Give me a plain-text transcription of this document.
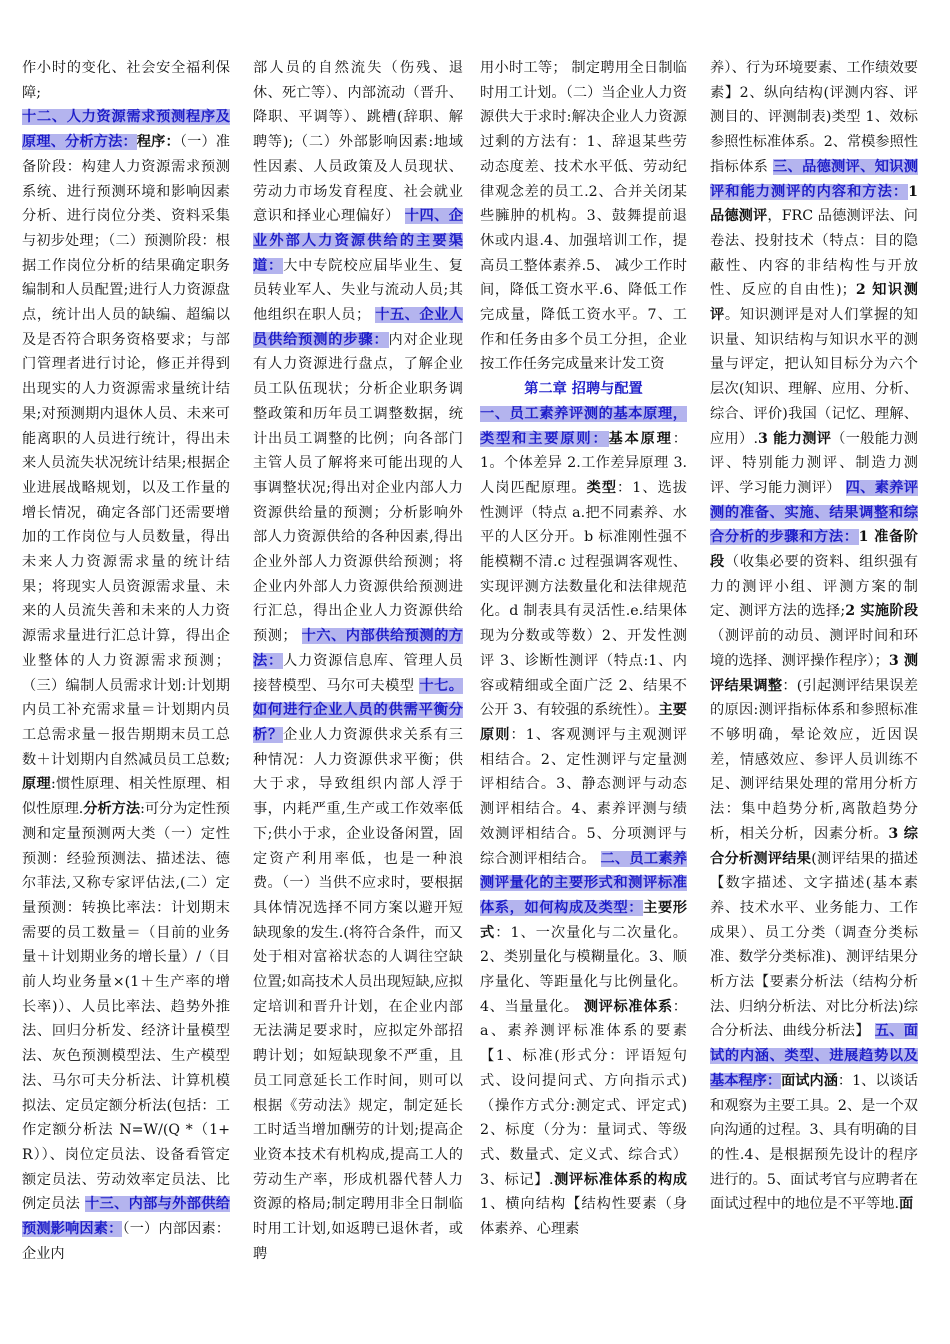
作小时的变化、社会安全福利保障;
十二、人力资源需求预测程序及原理、分析方法：程序：（一）准备阶段：构建人力资源需求预测系统、进行预测环境和影响因素分析、进行岗位分类、资料采集与初步处理；（二）预测阶段：根据工作岗位分析的结果确定职务编制和人员配置;进行人力资源盘点，统计出人员的缺编、超编以及是否符合职务资格要求；与部门管理者进行讨论，修正并得到出现实的人力资源需求量统计结果;对预测期内退休人员、未来可能离职的人员进行统计，得出未来人员流失状况统计结果;根据企业进展战略规划，以及工作量的增长情况，确定各部门还需要增加的工作岗位与人员数量，得出未来人力资源需求量的统计结果；将现实人员资源需求量、未来的人员流失善和未来的人力资源需求量进行汇总计算，得出企业整体的人力资源需求预测；（三）编制人员需求计划:计划期内员工补充需求量＝计划期内员工总需求量－报告期期末员工总数＋计划期内自然减员员工总数;原理:惯性原理、相关性原理、相似性原理.分析方法:可分为定性预测和定量预测两大类（一）定性预测：经验预测法、描述法、德尔菲法,又称专家评估法,(二）定量预测：转换比率法：计划期末需要的员工数量＝（目前的业务量＋计划期业务的增长量）/（目前人均业务量×(1＋生产率的增长率)）、人员比率法、趋势外推法、回归分析发、经济计量模型法、灰色预测模型法、生产模型法、马尔可夫分析法、计算机模拟法、定员定额分析法(包括：工作定额分析法 N=W/(Q *（1+R））、岗位定员法、设备看管定额定员法、劳动效率定员法、比例定员法 十三、内部与外部供给预测影响因素：（一）内部因素：企业内

部人员的自然流失（伤残、退休、死亡等）、内部流动（晋升、降职、平调等）、跳槽(辞职、解聘等);（二）外部影响因素:地域性因素、人员政策及人员现状、劳动力市场发育程度、社会就业意识和择业心理偏好） 十四、企业外部人力资源供给的主要渠道：大中专院校应届毕业生、复员转业军人、失业与流动人员;其他组织在职人员； 十五、企业人员供给预测的步骤：内对企业现有人力资源进行盘点，了解企业员工队伍现状；分析企业职务调整政策和历年员工调整数据，统计出员工调整的比例；向各部门主管人员了解将来可能出现的人事调整状况;得出对企业内部人力资源供给量的预测；分析影响外部人力资源供给的各种因素,得出企业外部人力资源供给预测；将企业内外部人力资源供给预测进行汇总，得出企业人力资源供给预测； 十六、内部供给预测的方法：人力资源信息库、管理人员接替模型、马尔可夫模型 十七。如何进行企业人员的供需平衡分析？企业人力资源供求关系有三种情况：人力资源供求平衡；供大于求，导致组织内部人浮于事，内耗严重,生产或工作效率低下;供小于求，企业设备闲置，固定资产利用率低，也是一种浪费。（一）当供不应求时，要根据具体情况选择不同方案以避开短缺现象的发生.(将符合条件，而又处于相对富裕状态的人调往空缺位置;如高技术人员出现短缺,应拟定培训和晋升计划，在企业内部无法满足要求时，应拟定外部招聘计划；如短缺现象不严重，且员工同意延长工作时间，则可以根据《劳动法》规定，制定延长工时适当增加酬劳的计划;提高企业资本技术有机构成,提高工人的劳动生产率，形成机器代替人力资源的格局;制定聘用非全日制临时用工计划,如返聘已退休者，或聘

用小时工等； 制定聘用全日制临时用工计划。（二）当企业人力资源供大于求时:解决企业人力资源过剩的方法有：1、辞退某些劳动态度差、技术水平低、劳动纪律观念差的员工.2、合并关闭某些臃肿的机构。3、鼓舞提前退休或内退.4、加强培训工作，提高员工整体素养.5、 减少工作时间，降低工资水平.6、降低工作完成量，降低工资水平。7、工作和任务由多个员工分担，企业按工作任务完成量来计发工资

第二章 招聘与配置

一、员工素养评测的基本原理，类型和主要原则：基本原理：1。个体差异 2.工作差异原理 3.人岗匹配原理。类型：1、选拔性测评（特点 a.把不同素养、水平的人区分开。b 标准刚性强不能模糊不清.c 过程强调客观性、实现评测方法数量化和法律规范化。d 制表具有灵活性.e.结果体现为分数或等数）2、开发性测评 3、诊断性测评（特点:1、内容或精细或全面广泛 2、结果不公开 3、有较强的系统性）。主要原则：1、客观测评与主观测评相结合。2、定性测评与定量测评相结合。3、静态测评与动态测评相结合。4、素养评测与绩效测评相结合。5、分项测评与综合测评相结合。 二、员工素养测评量化的主要形式和测评标准体系，如何构成及类型：主要形式：1、一次量化与二次量化。2、类别量化与模糊量化。3、顺序量化、等距量化与比例量化。4、当量量化。 测评标准体系：a、素养测评标准体系的要素【1、标准(形式分：评语短句式、设问提问式、方向指示式)（操作方式分:测定式、评定式)2、标度（分为：量词式、等级式、数量式、定义式、综合式）3、标记】.测评标准体系的构成1、横向结构【结构性要素（身体素养、心理素

养）、行为环境要素、工作绩效要素】2、纵向结构(评测内容、评测目的、评测制表)类型 1、效标参照性标准体系。2、常模参照性指标体系 三、品德测评、知识测评和能力测评的内容和方法：1 品德测评，FRC 品德测评法、问卷法、投射技术（特点：目的隐蔽性、内容的非结构性与开放性、反应的自由性)；2 知识测评。知识测评是对人们掌握的知识量、知识结构与知识水平的测量与评定，把认知目标分为六个层次(知识、理解、应用、分析、综合、评价)我国（记忆、理解、应用）.3 能力测评（一般能力测评、特别能力测评、制造力测评、学习能力测评） 四、素养评测的准备、实施、结果调整和综合分析的步骤和方法：1 准备阶段（收集必要的资料、组织强有力的测评小组、评测方案的制定、测评方法的选择;2 实施阶段（测评前的动员、测评时间和环境的选择、测评操作程序）；3 测评结果调整：(引起测评结果误差的原因:测评指标体系和参照标准不够明确，晕论效应，近因误差，情感效应、参评人员训练不足、测评结果处理的常用分析方法：集中趋势分析,离散趋势分析，相关分析，因素分析。3 综合分析测评结果(测评结果的描述【数字描述、文字描述(基本素养、技术水平、业务能力、工作成果）、员工分类（调查分类标准、数学分类标准)、测评结果分析方法【要素分析法（结构分析法、归纳分析法、对比分析法)综合分析法、曲线分析法】 五、面试的内涵、类型、进展趋势以及基本程序：面试内涵：1、以谈话和观察为主要工具。2、是一个双向沟通的过程。3、具有明确的目的性.4、是根据预先设计的程序进行的。5、面试考官与应聘者在面试过程中的地位是不平等地.面
